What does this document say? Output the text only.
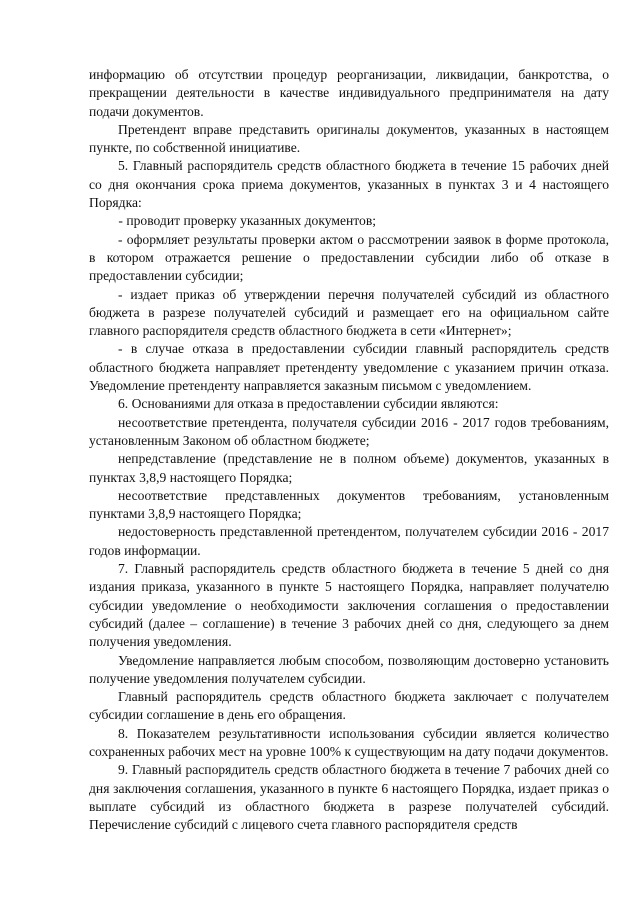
информацию об отсутствии процедур реорганизации, ликвидации, банкротства, о прекращении деятельности в качестве индивидуального предпринимателя на дату подачи документов.

Претендент вправе представить оригиналы документов, указанных в настоящем пункте, по собственной инициативе.

5. Главный распорядитель средств областного бюджета в течение 15 рабочих дней со дня окончания срока приема документов, указанных в пунктах 3 и 4 настоящего Порядка:

- проводит проверку указанных документов;

- оформляет результаты проверки актом о рассмотрении заявок в форме протокола, в котором отражается решение о предоставлении субсидии либо об отказе в предоставлении субсидии;

- издает приказ об утверждении перечня получателей субсидий из областного бюджета в разрезе получателей субсидий и размещает его на официальном сайте главного распорядителя средств областного бюджета в сети «Интернет»;

- в случае отказа в предоставлении субсидии главный распорядитель средств областного бюджета направляет претенденту уведомление с указанием причин отказа. Уведомление претенденту направляется заказным письмом с уведомлением.

6. Основаниями для отказа в предоставлении субсидии являются:

несоответствие претендента, получателя субсидии 2016 - 2017 годов требованиям, установленным Законом об областном бюджете;

непредставление (представление не в полном объеме) документов, указанных в пунктах 3,8,9 настоящего Порядка;

несоответствие представленных документов требованиям, установленным пунктами 3,8,9 настоящего Порядка;

недостоверность представленной претендентом, получателем субсидии 2016 - 2017 годов информации.

7. Главный распорядитель средств областного бюджета в течение 5 дней со дня издания приказа, указанного в пункте 5 настоящего Порядка, направляет получателю субсидии уведомление о необходимости заключения соглашения о предоставлении субсидий (далее – соглашение) в течение 3 рабочих дней со дня, следующего за днем получения уведомления.

Уведомление направляется любым способом, позволяющим достоверно установить получение уведомления получателем субсидии.

Главный распорядитель средств областного бюджета заключает с получателем субсидии соглашение в день его обращения.

8. Показателем результативности использования субсидии является количество сохраненных рабочих мест на уровне 100% к существующим на дату подачи документов.

9. Главный распорядитель средств областного бюджета в течение 7 рабочих дней со дня заключения соглашения, указанного в пункте 6 настоящего Порядка, издает приказ о выплате субсидий из областного бюджета в разрезе получателей субсидий. Перечисление субсидий с лицевого счета главного распорядителя средств
